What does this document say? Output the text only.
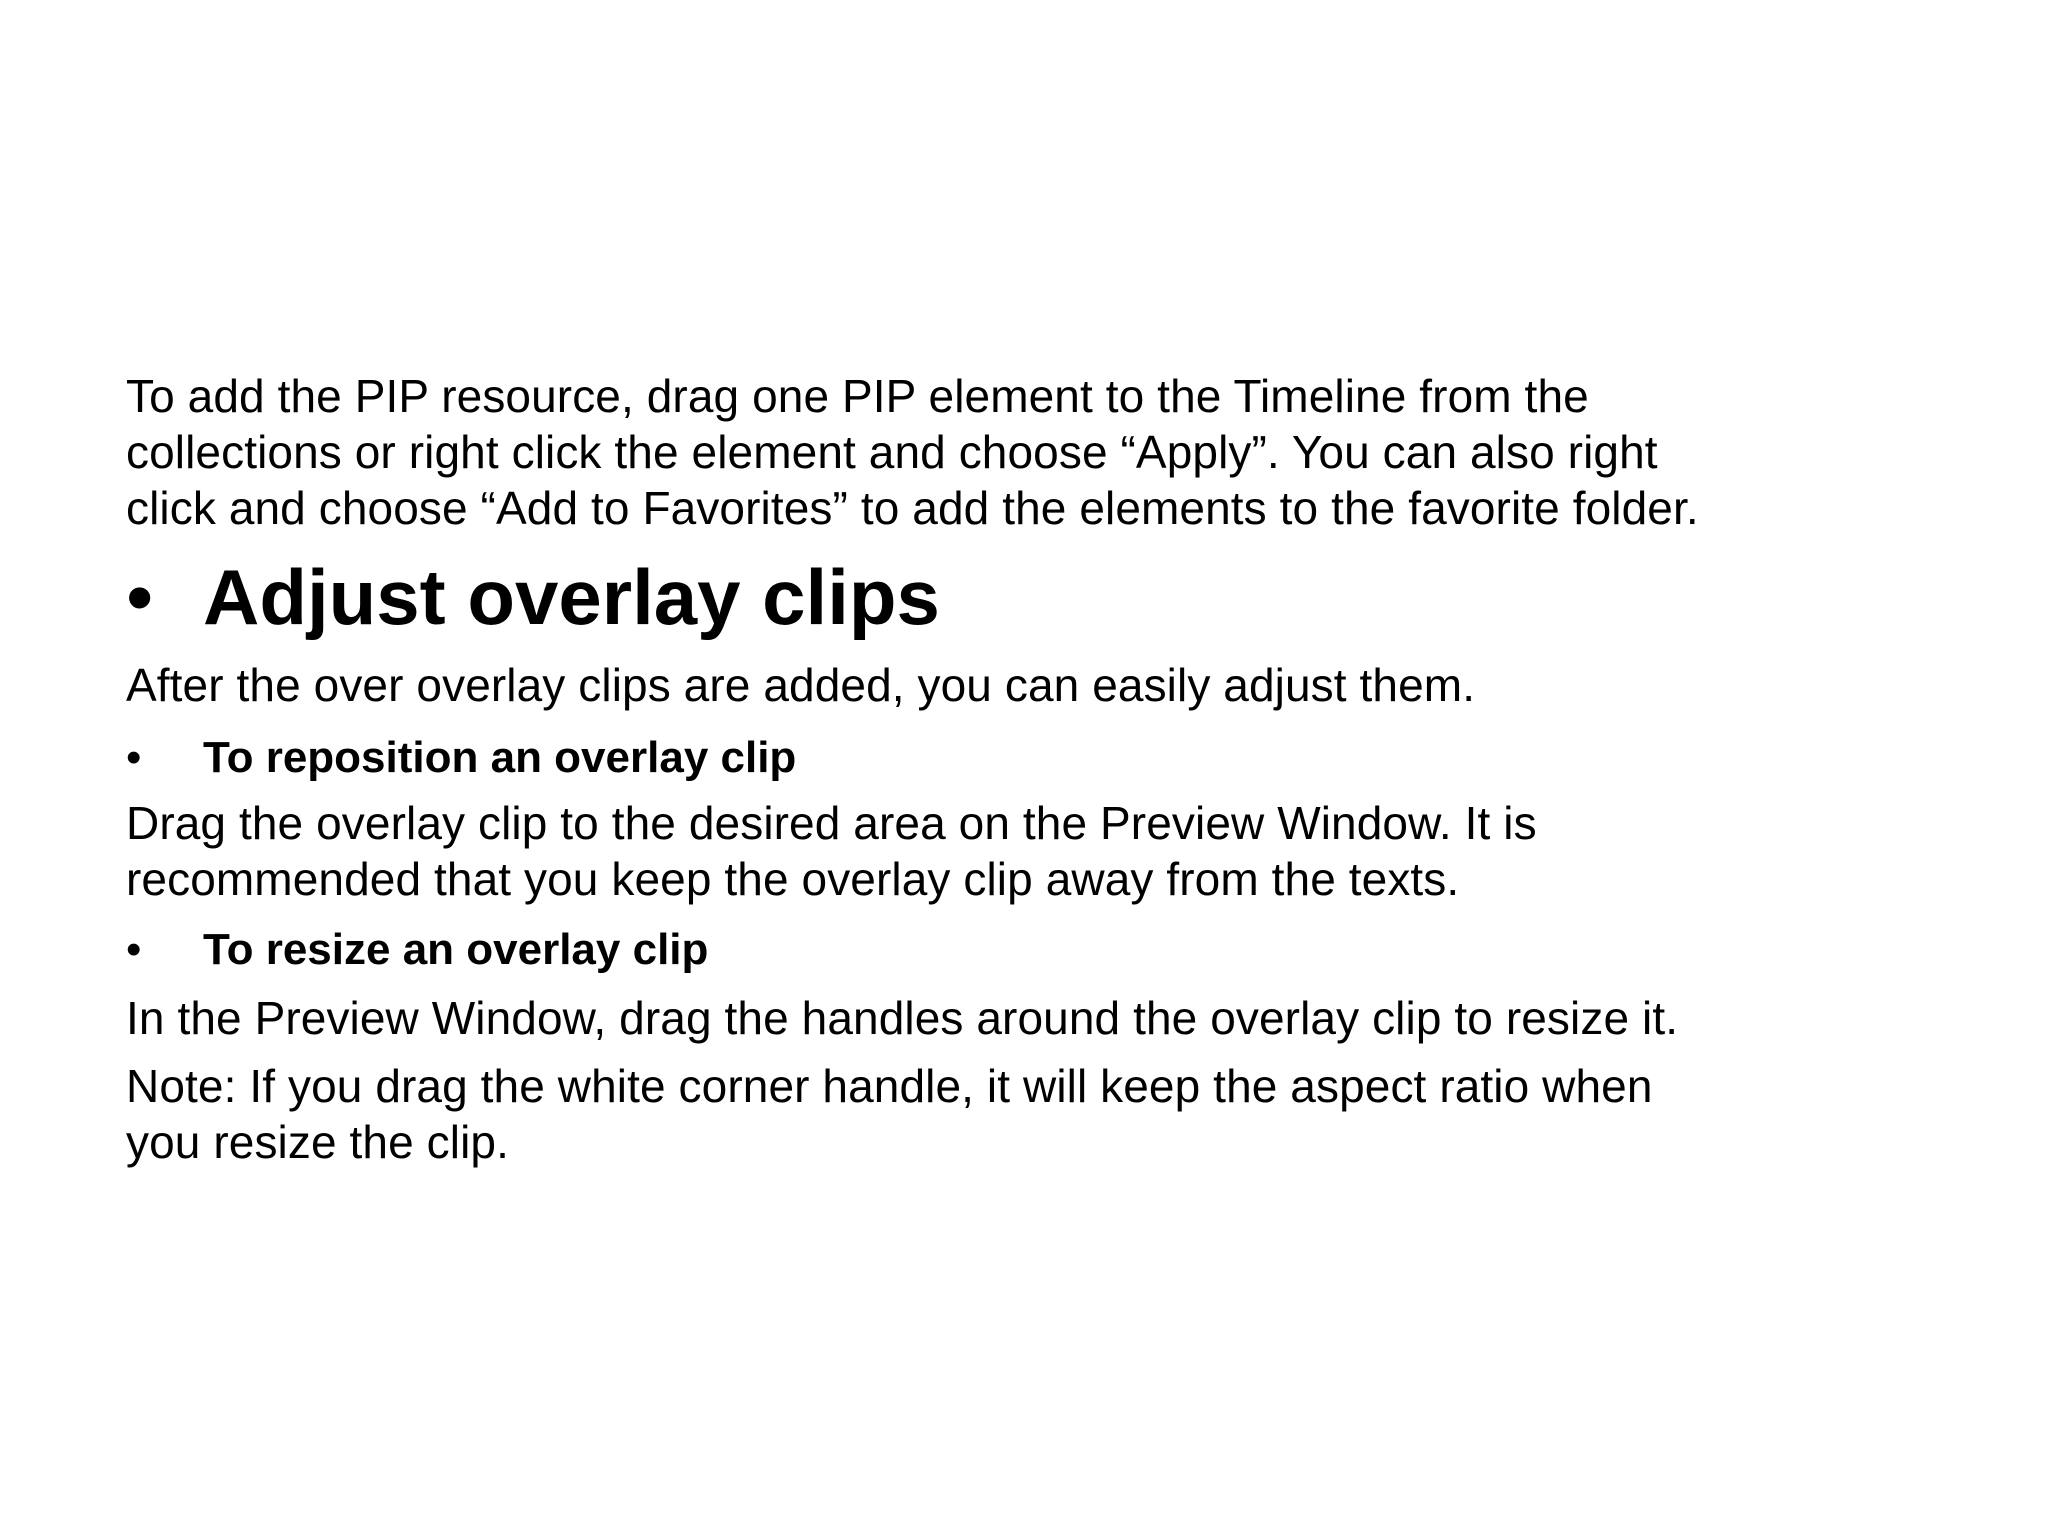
To add the PIP resource, drag one PIP element to the Timeline from the
collections or right click the element and choose “Apply”. You can also right
click and choose “Add to Favorites” to add the elements to the favorite folder.
• Adjust overlay clips
After the over overlay clips are added, you can easily adjust them.
• To reposition an overlay clip
Drag the overlay clip to the desired area on the Preview Window. It is
recommended that you keep the overlay clip away from the texts.
• To resize an overlay clip
In the Preview Window, drag the handles around the overlay clip to resize it.
Note: If you drag the white corner handle, it will keep the aspect ratio when
you resize the clip.
